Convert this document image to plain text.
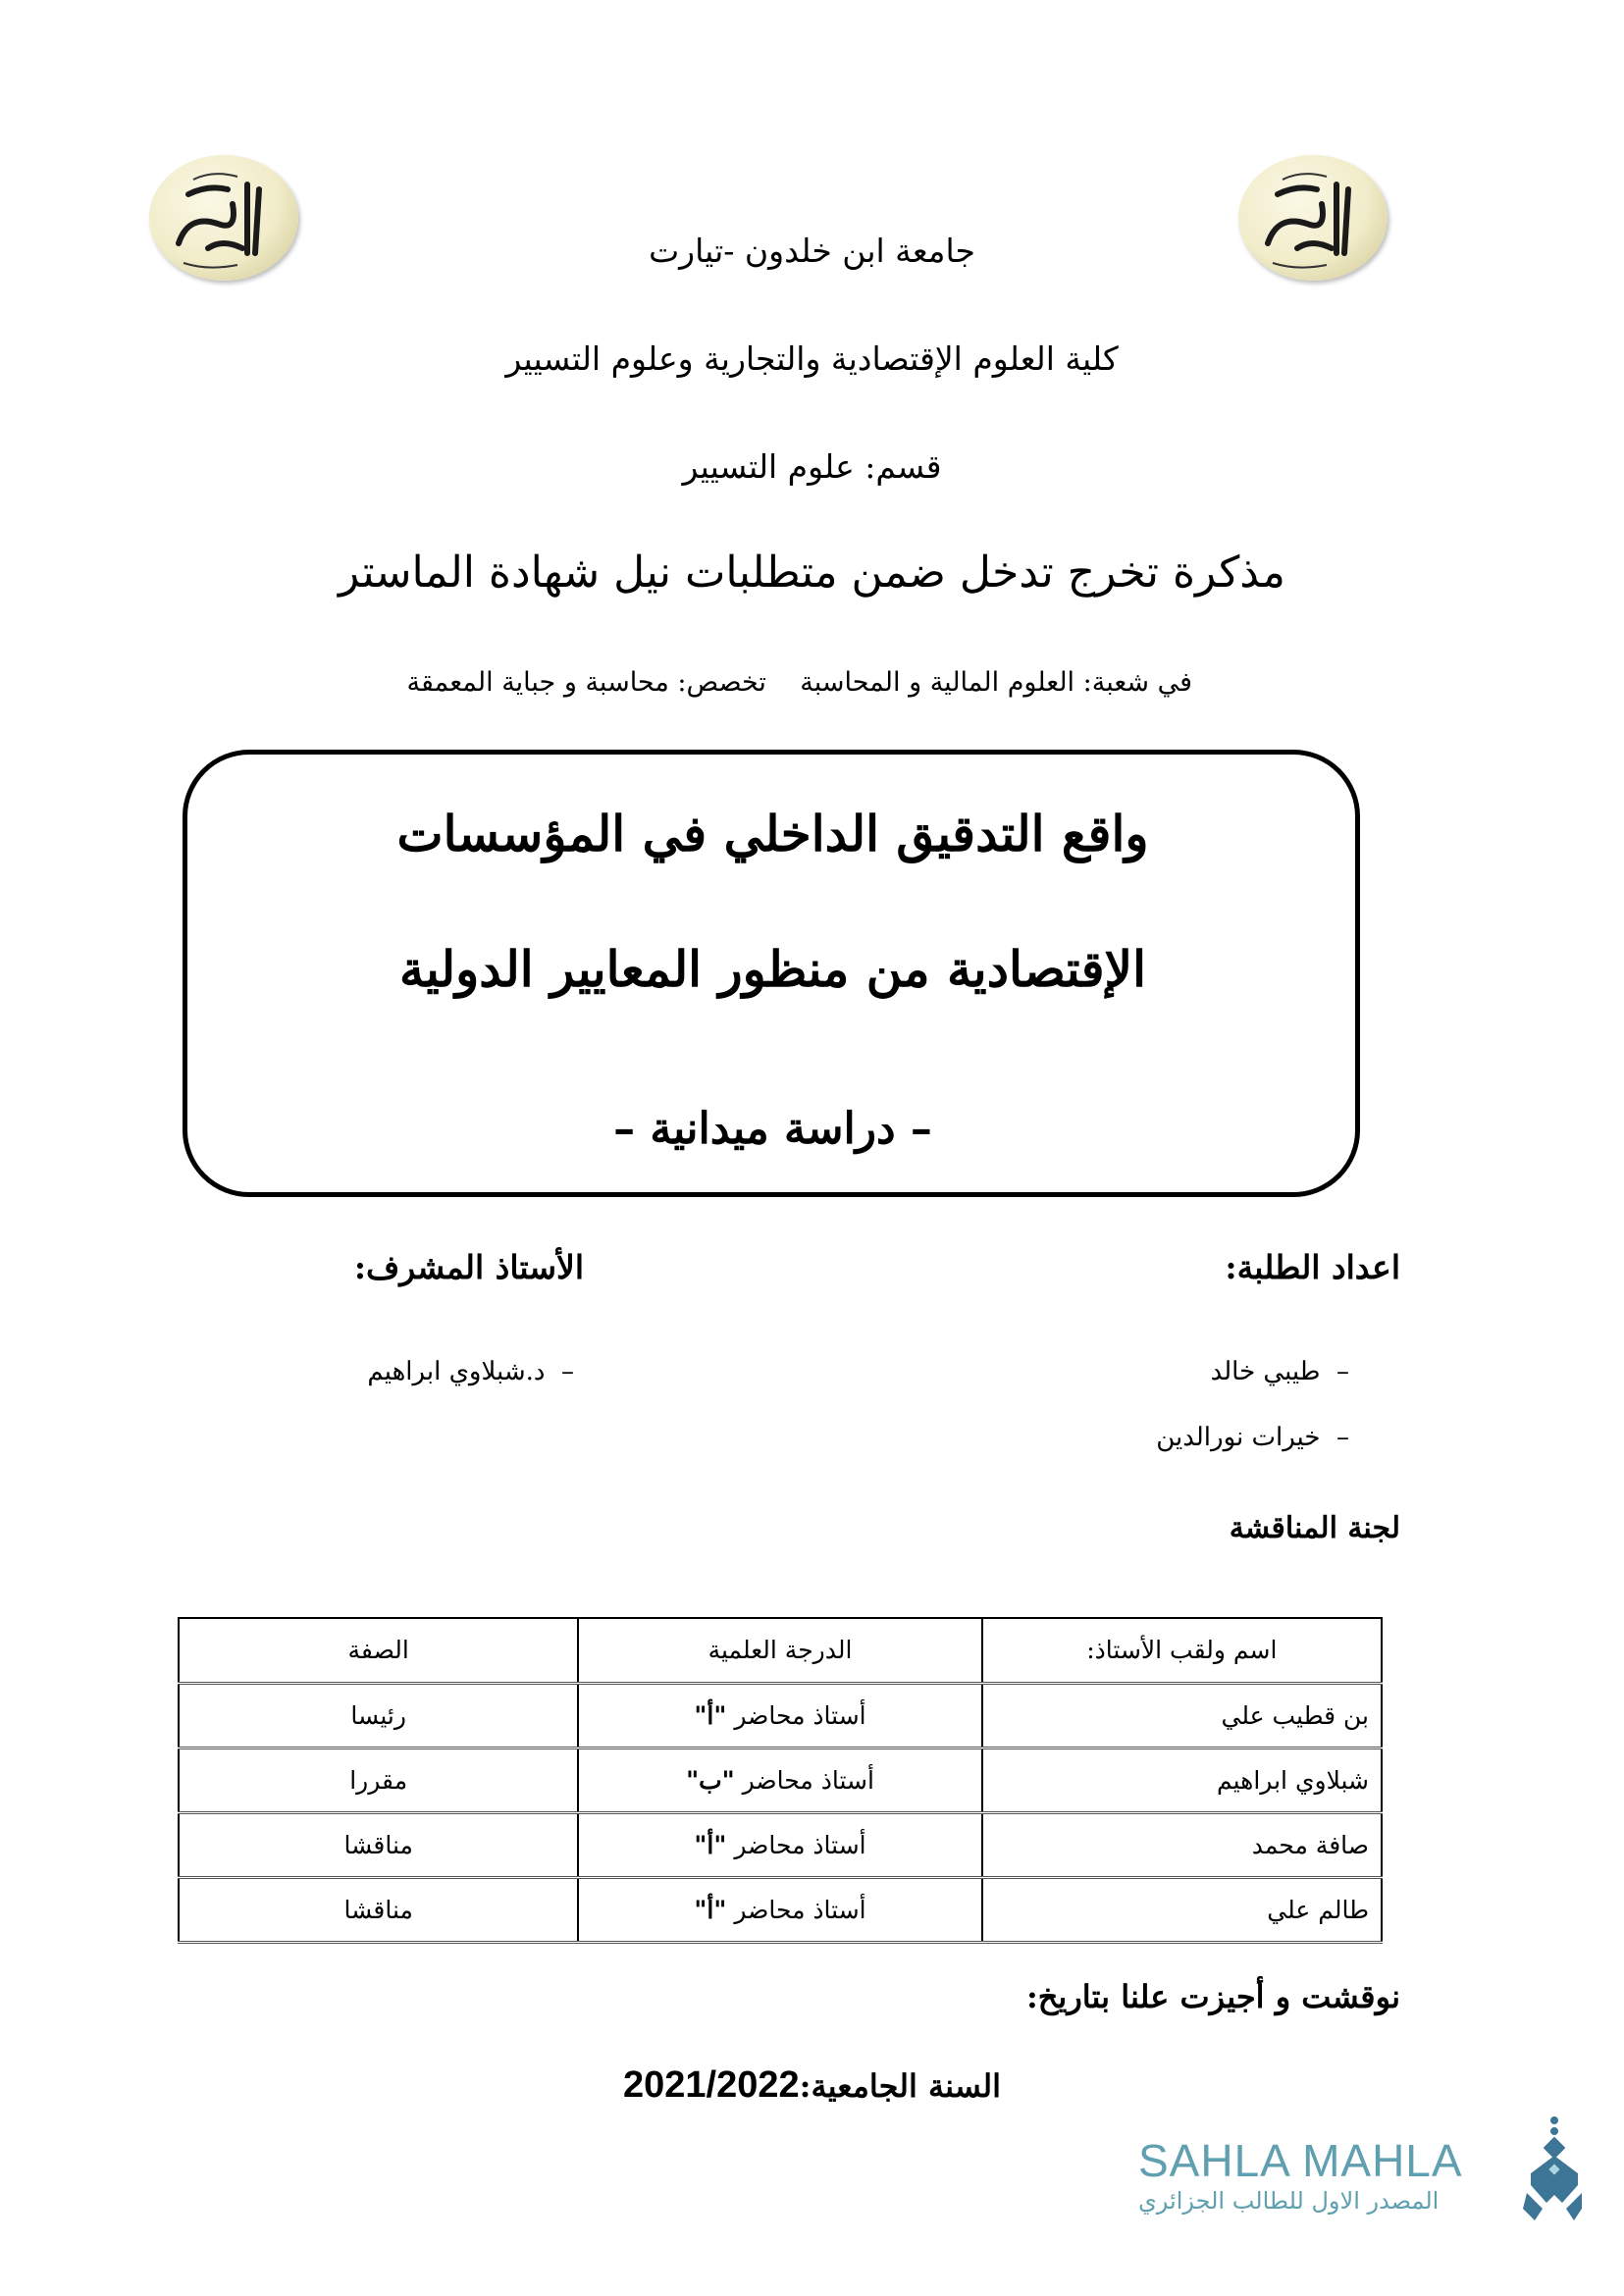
جامعة ابن خلدون -تيارت
كلية العلوم الإقتصادية والتجارية وعلوم التسيير
قسم: علوم التسيير
مذكرة تخرج تدخل ضمن متطلبات نيل شهادة الماستر
في شعبة: العلوم المالية و المحاسبة    تخصص: محاسبة و جباية المعمقة
واقع التدقيق الداخلي في المؤسسات
الإقتصادية من منظور المعايير الدولية
– دراسة ميدانية –
اعداد الطلبة:
الأستاذ المشرف:
–  طيبي خالد
–  خيرات نورالدين
–  د.شبلاوي ابراهيم
لجنة المناقشة
اسم ولقب الأستاذ:	الدرجة العلمية	الصفة
بن قطيب علي	أستاذ محاضر "أ"	رئيسا
شبلاوي ابراهيم	أستاذ محاضر "ب"	مقررا
صافة محمد	أستاذ محاضر "أ"	مناقشا
طالم علي	أستاذ محاضر "أ"	مناقشا
نوقشت و أجيزت علنا بتاريخ:
السنة الجامعية:2021/2022
SAHLA MAHLA
المصدر الاول للطالب الجزائري
